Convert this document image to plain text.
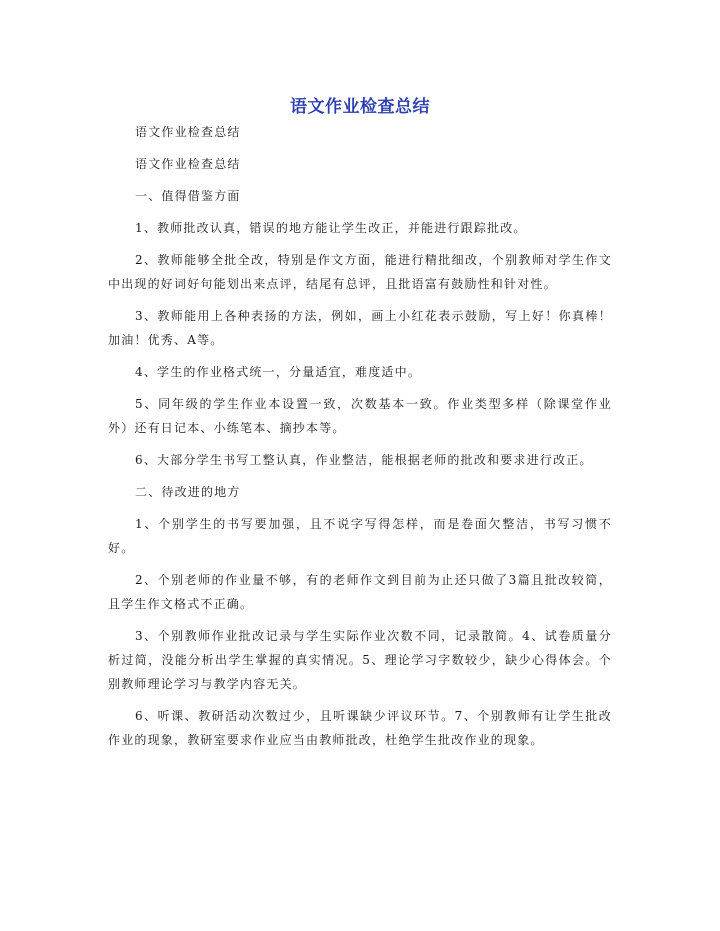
语文作业检查总结

语文作业检查总结

语文作业检查总结

一、值得借鉴方面

1、教师批改认真，错误的地方能让学生改正，并能进行跟踪批改。

2、教师能够全批全改，特别是作文方面，能进行精批细改，个别教师对学生作文中出现的好词好句能划出来点评，结尾有总评，且批语富有鼓励性和针对性。

3、教师能用上各种表扬的方法，例如，画上小红花表示鼓励，写上好！你真棒！加油！优秀、A等。

4、学生的作业格式统一，分量适宜，难度适中。

5、同年级的学生作业本设置一致，次数基本一致。作业类型多样（除课堂作业外）还有日记本、小练笔本、摘抄本等。

6、大部分学生书写工整认真，作业整洁，能根据老师的批改和要求进行改正。

二、待改进的地方

1、个别学生的书写要加强，且不说字写得怎样，而是卷面欠整洁，书写习惯不好。

2、个别老师的作业量不够，有的老师作文到目前为止还只做了3篇且批改较简，且学生作文格式不正确。

3、个别教师作业批改记录与学生实际作业次数不同，记录散简。4、试卷质量分析过简，没能分析出学生掌握的真实情况。5、理论学习字数较少，缺少心得体会。个别教师理论学习与教学内容无关。

6、听课、教研活动次数过少，且听课缺少评议环节。7、个别教师有让学生批改作业的现象，教研室要求作业应当由教师批改，杜绝学生批改作业的现象。
